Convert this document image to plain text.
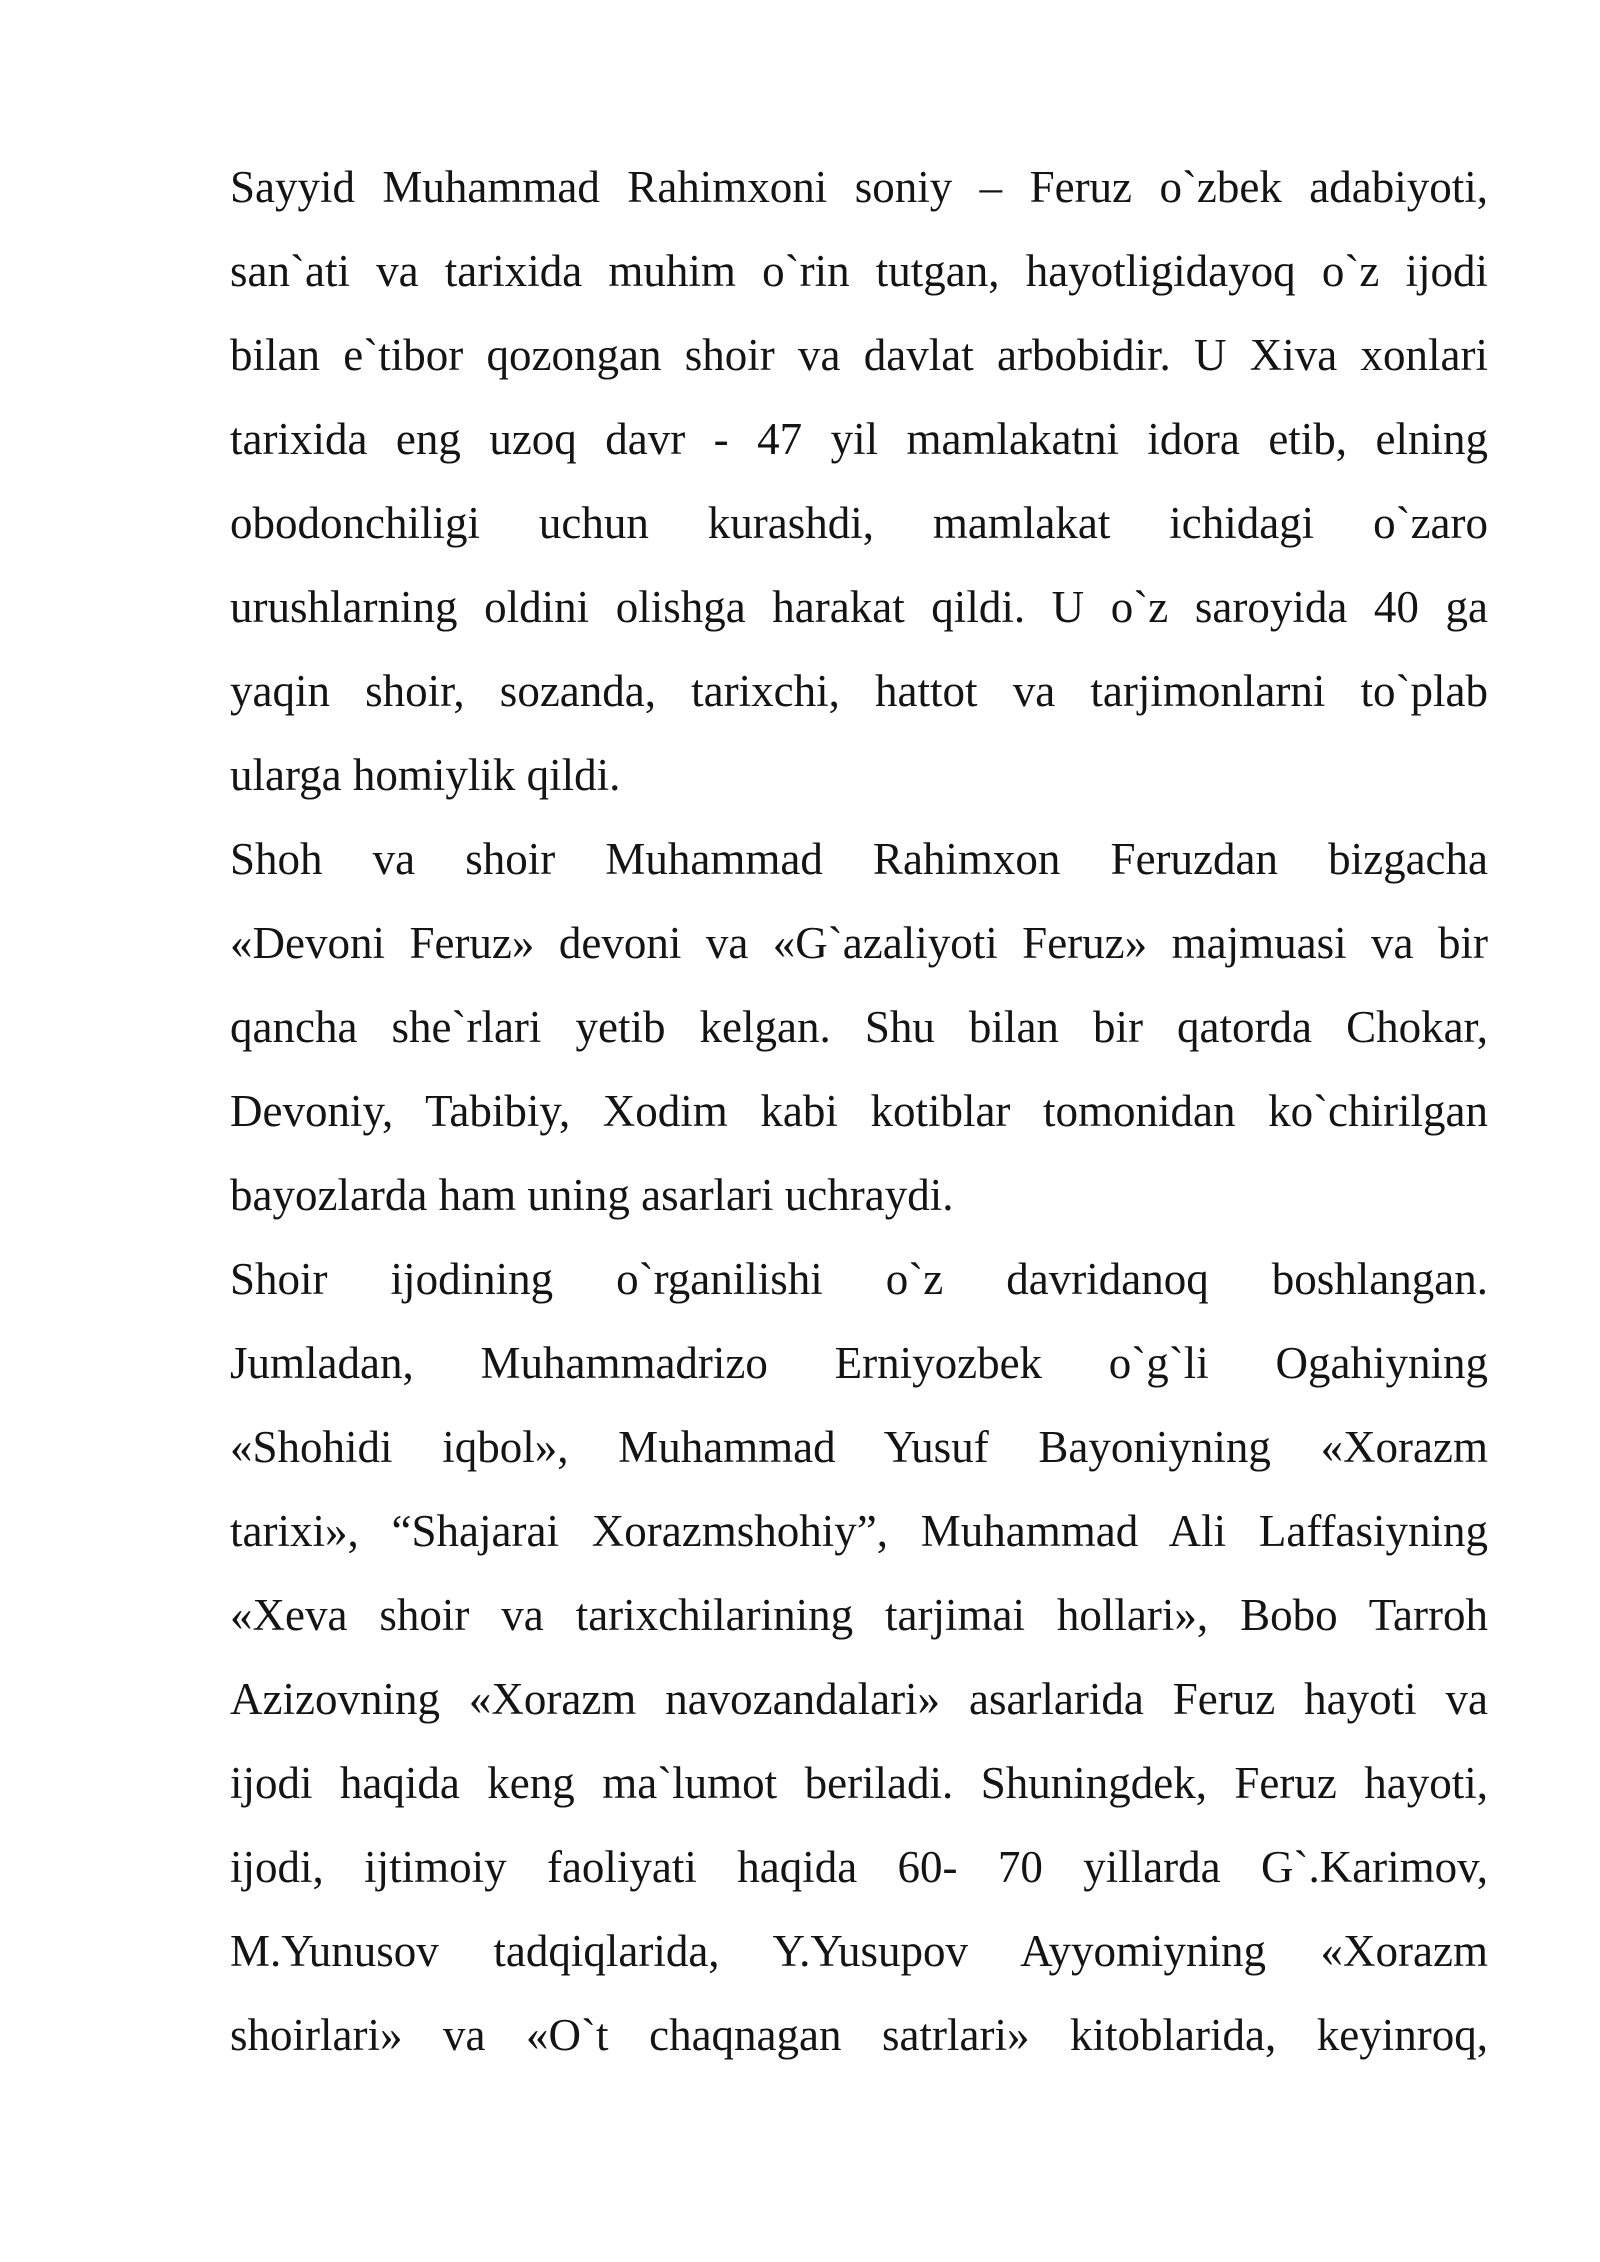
Sayyid Muhammad Rahimxoni soniy – Feruz o`zbek adabiyoti,
san`ati va tarixida muhim o`rin tutgan, hayotligidayoq o`z ijodi
bilan e`tibor qozongan shoir va davlat arbobidir. U Xiva xonlari
tarixida eng uzoq davr - 47 yil mamlakatni idora etib, elning
obodonchiligi uchun kurashdi, mamlakat ichidagi o`zaro
urushlarning oldini olishga harakat qildi. U o`z saroyida 40 ga
yaqin shoir, sozanda, tarixchi, hattot va tarjimonlarni to`plab
ularga homiylik qildi.
Shoh va shoir Muhammad Rahimxon Feruzdan bizgacha
«Devoni Feruz» devoni va «G`azaliyoti Feruz» majmuasi va bir
qancha she`rlari yetib kelgan. Shu bilan bir qatorda Chokar,
Devoniy, Tabibiy, Xodim kabi kotiblar tomonidan ko`chirilgan
bayozlarda ham uning asarlari uchraydi.
Shoir ijodining o`rganilishi o`z davridanoq boshlangan.
Jumladan, Muhammadrizo Erniyozbek o`g`li Ogahiyning
«Shohidi iqbol», Muhammad Yusuf Bayoniyning «Xorazm
tarixi», “Shajarai Xorazmshohiy”, Muhammad Ali Laffasiyning
«Xeva shoir va tarixchilarining tarjimai hollari», Bobo Tarroh
Azizovning «Xorazm navozandalari» asarlarida Feruz hayoti va
ijodi haqida keng ma`lumot beriladi. Shuningdek, Feruz hayoti,
ijodi, ijtimoiy faoliyati haqida 60- 70 yillarda G`.Karimov,
M.Yunusov tadqiqlarida, Y.Yusupov Ayyomiyning «Xorazm
shoirlari» va «O`t chaqnagan satrlari» kitoblarida, keyinroq,
